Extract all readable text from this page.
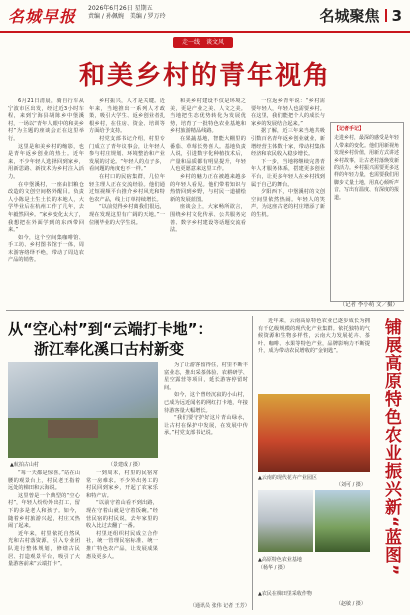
名城早报 2026年6月26日 星期五
责编 / 孙佩婉　美编 / 罗万玲	名城聚焦 3
走一线　谈文风
和美乡村的青年视角

6月21日清晨，骑自行车从宁波市区出发，经过近3小时车程，来到宁海县胡陈乡中堡溪村，一场以“青年人眼中的和美乡村”为主题的座谈会正在这里举行。

这里是和美乡村的缩影，也是青年返乡创业的热土。近年来，不少年轻人选择回到家乡，用新思路、新技术为乡村注入活力。

在中堡溪村，一座由旧粮仓改造的文创空间格外醒目。负责人小陈是土生土长的本地人，大学毕业后在杭州工作了几年，去年毅然回乡。“家乡变化太大了，我想把在外面学到的东西带回来。”

如今，这个空间集咖啡馆、手工坊、乡村图书馆于一体，周末游客络绎不绝，带动了周边农产品的销售。

乡村振兴，人才是关键。近年来，当地推出一系列人才政策，吸引大学生、返乡创业者扎根乡村，在住房、资金、培训等方面给予支持。

村党支部书记介绍，村里专门成立了青年议事会，让年轻人参与村庄规划、环境整治和产业发展的讨论。“年轻人的点子多，看问题的角度也不一样。”

在村口的民宿集群，几位年轻主理人正在交流经验。他们通过短视频平台推介乡村风光和特色农产品，线上订单持续增长。

“以前觉得乡村离我们很远，现在发现这里有广阔的天地。”一位刚毕业的大学生说。

和美乡村建设不仅是环境之美，更是产业之美、人文之美。当地把生态优势转化为发展优势，培育了一批特色农业基地和乡村旅游精品线路。

在果蔬基地，智能大棚里的番茄、草莓长势喜人。基地负责人说，引进数字化种植技术后，产量和品质都有明显提升，年轻人也更愿意来这里工作。

乡村的魅力正在被越来越多的年轻人看见。他们带着知识与热情回到乡野，与村民一道描绘新的发展蓝图。

座谈会上，大家畅所欲言，围绕乡村文化传承、公共服务完善、数字乡村建设等话题交流看法。

一位返乡青年说：“乡村需要年轻人，年轻人也需要乡村。在这里，我们能把个人的成长与家乡的发展结合起来。”

据了解，近三年来当地共吸引数百名青年返乡创业就业，新增经营主体数十家，带动村集体经济和农民收入稳步增长。

下一步，当地将继续完善青年人才服务体系，搭建更多创业平台，让更多年轻人在乡村找到属于自己的舞台。

夕阳西下，中堡溪村的文创空间里依然热闹。年轻人的笑声，为这座古老的村庄增添了新的生机。

【记者手记】
走进乡村，最深的感受是年轻人带来的变化。他们用新视角发现乡村价值，用新方式讲述乡村故事，让古老村落焕发新的活力。乡村振兴需要更多这样的年轻力量，也需要我们用脚步丈量土地，用真心倾听声音，写出有温度、有深度的报道。
（记者 李小萌 文／摄）
从“空心村”到“云端打卡地”：
浙江奉化溪口古村新变
▲航拍古山村	（景建成 / 摄）

“每一天都是惊喜。”站在山腰的观景台上，村民老王指着远处的梯田和云海说。

这里曾是一个典型的“空心村”，年轻人纷纷外出打工，留下的多是老人和孩子。如今，随着乡村旅游兴起，村庄又热闹了起来。

近年来，村里依托自然风光和古村落资源，引入专业团队进行整体规划，修缮古民居、打造观景平台，吸引了大量游客前来“云端打卡”。

一到周末，村里的民宿常常一房难求。不少外出务工的村民回到家乡，开起了农家乐和特产店。

“以前守着山看不到出路，现在守着山就是守着饭碗。”经营民宿的村民说，去年家里的收入比过去翻了一番。

村里还组织村民成立合作社，统一管理民宿标准、统一推广特色农产品，让发展成果惠及更多人。

为了让游客留得住，村里不断丰富业态，推出采茶体验、农耕研学、星空露营等项目，延长游客停留时间。

如今，这个曾经沉寂的小山村，已成为远近闻名的网红打卡地，年接待游客量大幅增长。

“我们要守护好这片青山绿水，让古村在保护中发展，在发展中传承。”村党支部书记说。

（通讯员 张伟 记者 王芳）

近年来，云南高原特色农业已逐步成长为拥有千亿级规模的现代化产业集群。依托独特的气候资源和生物多样性，云南大力发展花卉、茶叶、咖啡、水果等特色产业，品牌影响力不断提升，成为带动农民增收的“金钥匙”。

▲云南的现代花卉产业园区
（刘可 / 摄）
▲高原特色农业基地
（杨华 / 摄）
▲农民在梯田里采收作物
（赵敏 / 摄）
铺展高原特色农业振兴新“蓝图”
